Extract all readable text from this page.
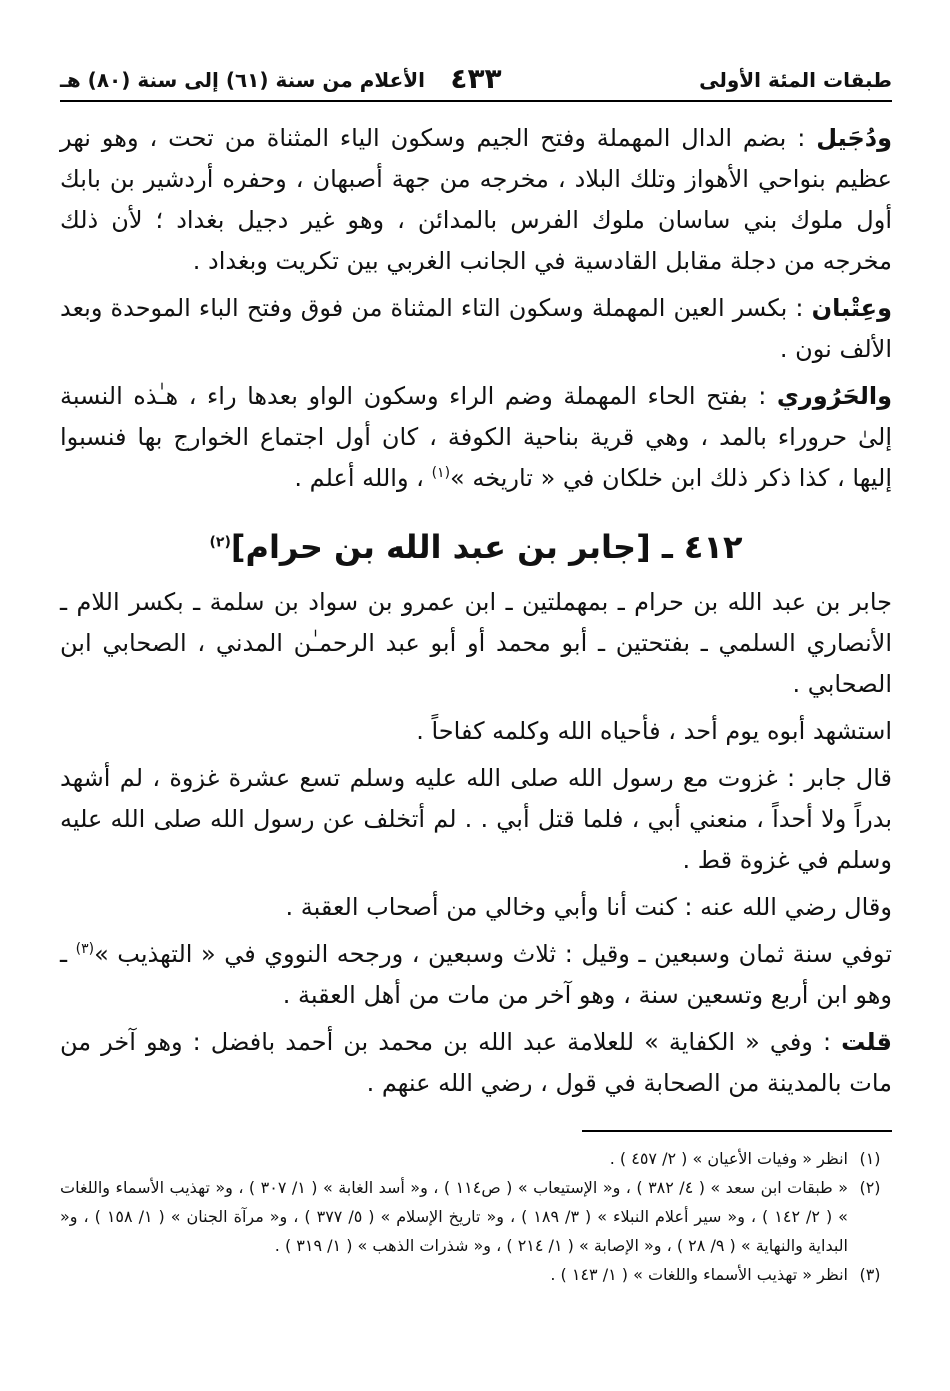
طبقات المئة الأولى
٤٣٣
الأعلام من سنة (٦١) إلى سنة (٨٠) هـ

ودُجَيل : بضم الدال المهملة وفتح الجيم وسكون الياء المثناة من تحت ، وهو نهر عظيم بنواحي الأهواز وتلك البلاد ، مخرجه من جهة أصبهان ، وحفره أردشير بن بابك أول ملوك بني ساسان ملوك الفرس بالمدائن ، وهو غير دجيل بغداد ؛ لأن ذلك مخرجه من دجلة مقابل القادسية في الجانب الغربي بين تكريت وبغداد .

وعِتْبان : بكسر العين المهملة وسكون التاء المثناة من فوق وفتح الباء الموحدة وبعد الألف نون .

والحَرُوري : بفتح الحاء المهملة وضم الراء وسكون الواو بعدها راء ، هـٰذه النسبة إلىٰ حروراء بالمد ، وهي قرية بناحية الكوفة ، كان أول اجتماع الخوارج بها فنسبوا إليها ، كذا ذكر ذلك ابن خلكان في « تاريخه »$^{(١)}$ ، والله أعلم .

٤١٢ ـ [جابر بن عبد الله بن حرام]$^{(٢)}$

جابر بن عبد الله بن حرام ـ بمهملتين ـ ابن عمرو بن سواد بن سلمة ـ بكسر اللام ـ الأنصاري السلمي ـ بفتحتين ـ أبو محمد أو أبو عبد الرحمـٰن المدني ، الصحابي ابن الصحابي .

استشهد أبوه يوم أحد ، فأحياه الله وكلمه كفاحاً .

قال جابر : غزوت مع رسول الله صلى الله عليه وسلم تسع عشرة غزوة ، لم أشهد بدراً ولا أحداً ، منعني أبي ، فلما قتل أبي . . لم أتخلف عن رسول الله صلى الله عليه وسلم في غزوة قط .

وقال رضي الله عنه : كنت أنا وأبي وخالي من أصحاب العقبة .

توفي سنة ثمان وسبعين ـ وقيل : ثلاث وسبعين ، ورجحه النووي في « التهذيب »$^{(٣)}$ ـ وهو ابن أربع وتسعين سنة ، وهو آخر من مات من أهل العقبة .

قلت : وفي « الكفاية » للعلامة عبد الله بن محمد بن أحمد بافضل : وهو آخر من مات بالمدينة من الصحابة في قول ، رضي الله عنهم .

(١)
انظر « وفيات الأعيان » ( ٢/ ٤٥٧ ) .
(٢)
« طبقات ابن سعد » ( ٤/ ٣٨٢ ) ، و« الإستيعاب » ( ص١١٤ ) ، و« أسد الغابة » ( ١/ ٣٠٧ ) ، و« تهذيب الأسماء واللغات » ( ٢/ ١٤٢ ) ، و« سير أعلام النبلاء » ( ٣/ ١٨٩ ) ، و« تاريخ الإسلام » ( ٥/ ٣٧٧ ) ، و« مرآة الجنان » ( ١/ ١٥٨ ) ، و« البداية والنهاية » ( ٩/ ٢٨ ) ، و« الإصابة » ( ١/ ٢١٤ ) ، و« شذرات الذهب » ( ١/ ٣١٩ ) .
(٣)
انظر « تهذيب الأسماء واللغات » ( ١/ ١٤٣ ) .
